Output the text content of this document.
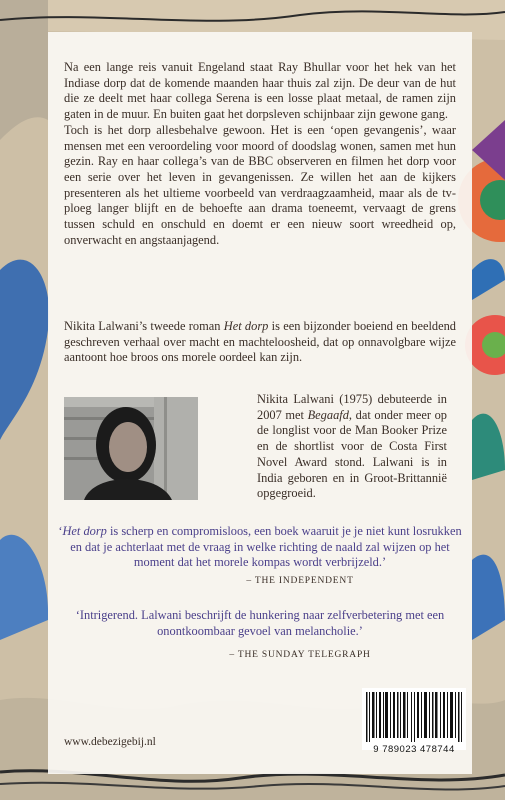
Na een lange reis vanuit Engeland staat Ray Bhullar voor het hek van het Indiase dorp dat de komende maanden haar thuis zal zijn. De deur van de hut die ze deelt met haar collega Serena is een losse plaat metaal, de ramen zijn gaten in de muur. En buiten gaat het dorpsleven schijnbaar zijn gewone gang.

Toch is het dorp allesbehalve gewoon. Het is een ‘open gevangenis’, waar mensen met een veroordeling voor moord of doodslag wonen, samen met hun gezin. Ray en haar collega’s van de BBC observeren en filmen het dorp voor een serie over het leven in gevangenissen. Ze willen het aan de kijkers presenteren als het ultieme voorbeeld van verdraagzaamheid, maar als de tv-ploeg langer blijft en de behoefte aan drama toeneemt, vervaagt de grens tussen schuld en onschuld en doemt er een nieuw soort wreedheid op, onverwacht en angstaanjagend.

Nikita Lalwani’s tweede roman Het dorp is een bijzonder boeiend en beeldend geschreven verhaal over macht en machteloosheid, dat op onnavolgbare wijze aantoont hoe broos ons morele oordeel kan zijn.
Nikita Lalwani (1975) debuteerde in 2007 met Begaafd, dat onder meer op de longlist voor de Man Booker Prize en de shortlist voor de Costa First Novel Award stond. Lalwani is in India geboren en in Groot-Brittannië opgegroeid.
‘Het dorp is scherp en compromisloos, een boek waaruit je je niet kunt losrukken en dat je achterlaat met de vraag in welke richting de naald zal wijzen op het moment dat het morele kompas wordt verbrijzeld.’
– THE INDEPENDENT
‘Intrigerend. Lalwani beschrijft de hunkering naar zelfverbetering met een onontkoombaar gevoel van melancholie.’
– THE SUNDAY TELEGRAPH
www.debezigebij.nl
9 789023 478744
